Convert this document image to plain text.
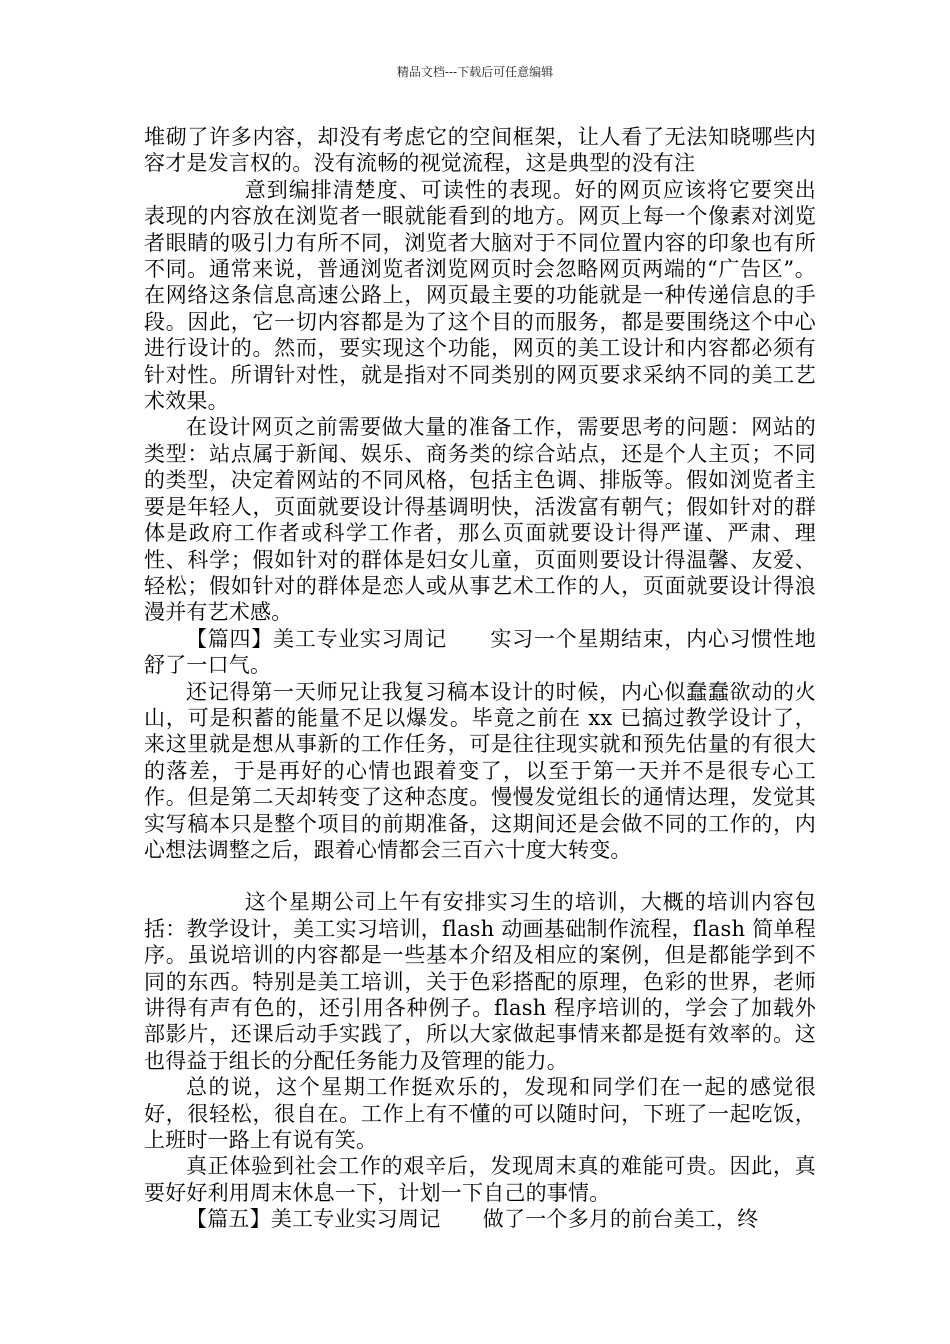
精品文档---下载后可任意编辑

堆砌了许多内容，却没有考虑它的空间框架，让人看了无法知晓哪些内容才是发言权的。没有流畅的视觉流程，这是典型的没有注

意到编排清楚度、可读性的表现。好的网页应该将它要突出表现的内容放在浏览者一眼就能看到的地方。网页上每一个像素对浏览者眼睛的吸引力有所不同，浏览者大脑对于不同位置内容的印象也有所不同。通常来说，普通浏览者浏览网页时会忽略网页两端的“广告区”。在网络这条信息高速公路上，网页最主要的功能就是一种传递信息的手段。因此，它一切内容都是为了这个目的而服务，都是要围绕这个中心进行设计的。然而，要实现这个功能，网页的美工设计和内容都必须有针对性。所谓针对性，就是指对不同类别的网页要求采纳不同的美工艺术效果。

在设计网页之前需要做大量的准备工作，需要思考的问题：网站的类型：站点属于新闻、娱乐、商务类的综合站点，还是个人主页；不同的类型，决定着网站的不同风格，包括主色调、排版等。假如浏览者主要是年轻人，页面就要设计得基调明快，活泼富有朝气；假如针对的群体是政府工作者或科学工作者，那么页面就要设计得严谨、严肃、理性、科学；假如针对的群体是妇女儿童，页面则要设计得温馨、友爱、轻松；假如针对的群体是恋人或从事艺术工作的人，页面就要设计得浪漫并有艺术感。

【篇四】美工专业实习周记　　实习一个星期结束，内心习惯性地舒了一口气。

还记得第一天师兄让我复习稿本设计的时候，内心似蠢蠢欲动的火山，可是积蓄的能量不足以爆发。毕竟之前在 xx 已搞过教学设计了，来这里就是想从事新的工作任务，可是往往现实就和预先估量的有很大的落差，于是再好的心情也跟着变了，以至于第一天并不是很专心工作。但是第二天却转变了这种态度。慢慢发觉组长的通情达理，发觉其实写稿本只是整个项目的前期准备，这期间还是会做不同的工作的，内心想法调整之后，跟着心情都会三百六十度大转变。

这个星期公司上午有安排实习生的培训，大概的培训内容包括：教学设计，美工实习培训，flash 动画基础制作流程，flash 简单程序。虽说培训的内容都是一些基本介绍及相应的案例，但是都能学到不同的东西。特别是美工培训，关于色彩搭配的原理，色彩的世界，老师讲得有声有色的，还引用各种例子。flash 程序培训的，学会了加载外部影片，还课后动手实践了，所以大家做起事情来都是挺有效率的。这也得益于组长的分配任务能力及管理的能力。

总的说，这个星期工作挺欢乐的，发现和同学们在一起的感觉很好，很轻松，很自在。工作上有不懂的可以随时问，下班了一起吃饭，上班时一路上有说有笑。

真正体验到社会工作的艰辛后，发现周末真的难能可贵。因此，真要好好利用周末休息一下，计划一下自己的事情。

【篇五】美工专业实习周记　　做了一个多月的前台美工，终
